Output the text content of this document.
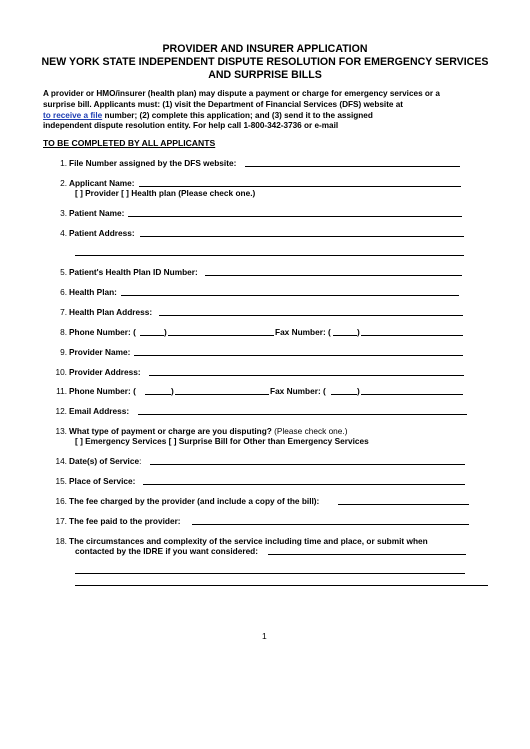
PROVIDER AND INSURER APPLICATION
NEW YORK STATE INDEPENDENT DISPUTE RESOLUTION FOR EMERGENCY SERVICES
AND SURPRISE BILLS
A provider or HMO/insurer (health plan) may dispute a payment or charge for emergency services or a
surprise bill. Applicants must: (1) visit the Department of Financial Services (DFS) website at
to receive a file number; (2) complete this application; and (3) send it to the assigned
independent dispute resolution entity. For help call 1-800-342-3736 or e-mail
TO BE COMPLETED BY ALL APPLICANTS
1. File Number assigned by the DFS website:
2. Applicant Name:
[ ] Provider [ ] Health plan (Please check one.)
3. Patient Name:
4. Patient Address:
5. Patient's Health Plan ID Number:
6. Health Plan:
7. Health Plan Address:
8. Phone Number: (	)	Fax Number: (	)
9. Provider Name:
10. Provider Address:
11. Phone Number: (	)	Fax Number: (	)
12. Email Address:
13. What type of payment or charge are you disputing? (Please check one.)
[ ] Emergency Services [ ] Surprise Bill for Other than Emergency Services
14. Date(s) of Service:
15. Place of Service:
16. The fee charged by the provider (and include a copy of the bill):
17. The fee paid to the provider:
18. The circumstances and complexity of the service including time and place, or submit when
contacted by the IDRE if you want considered:
1
